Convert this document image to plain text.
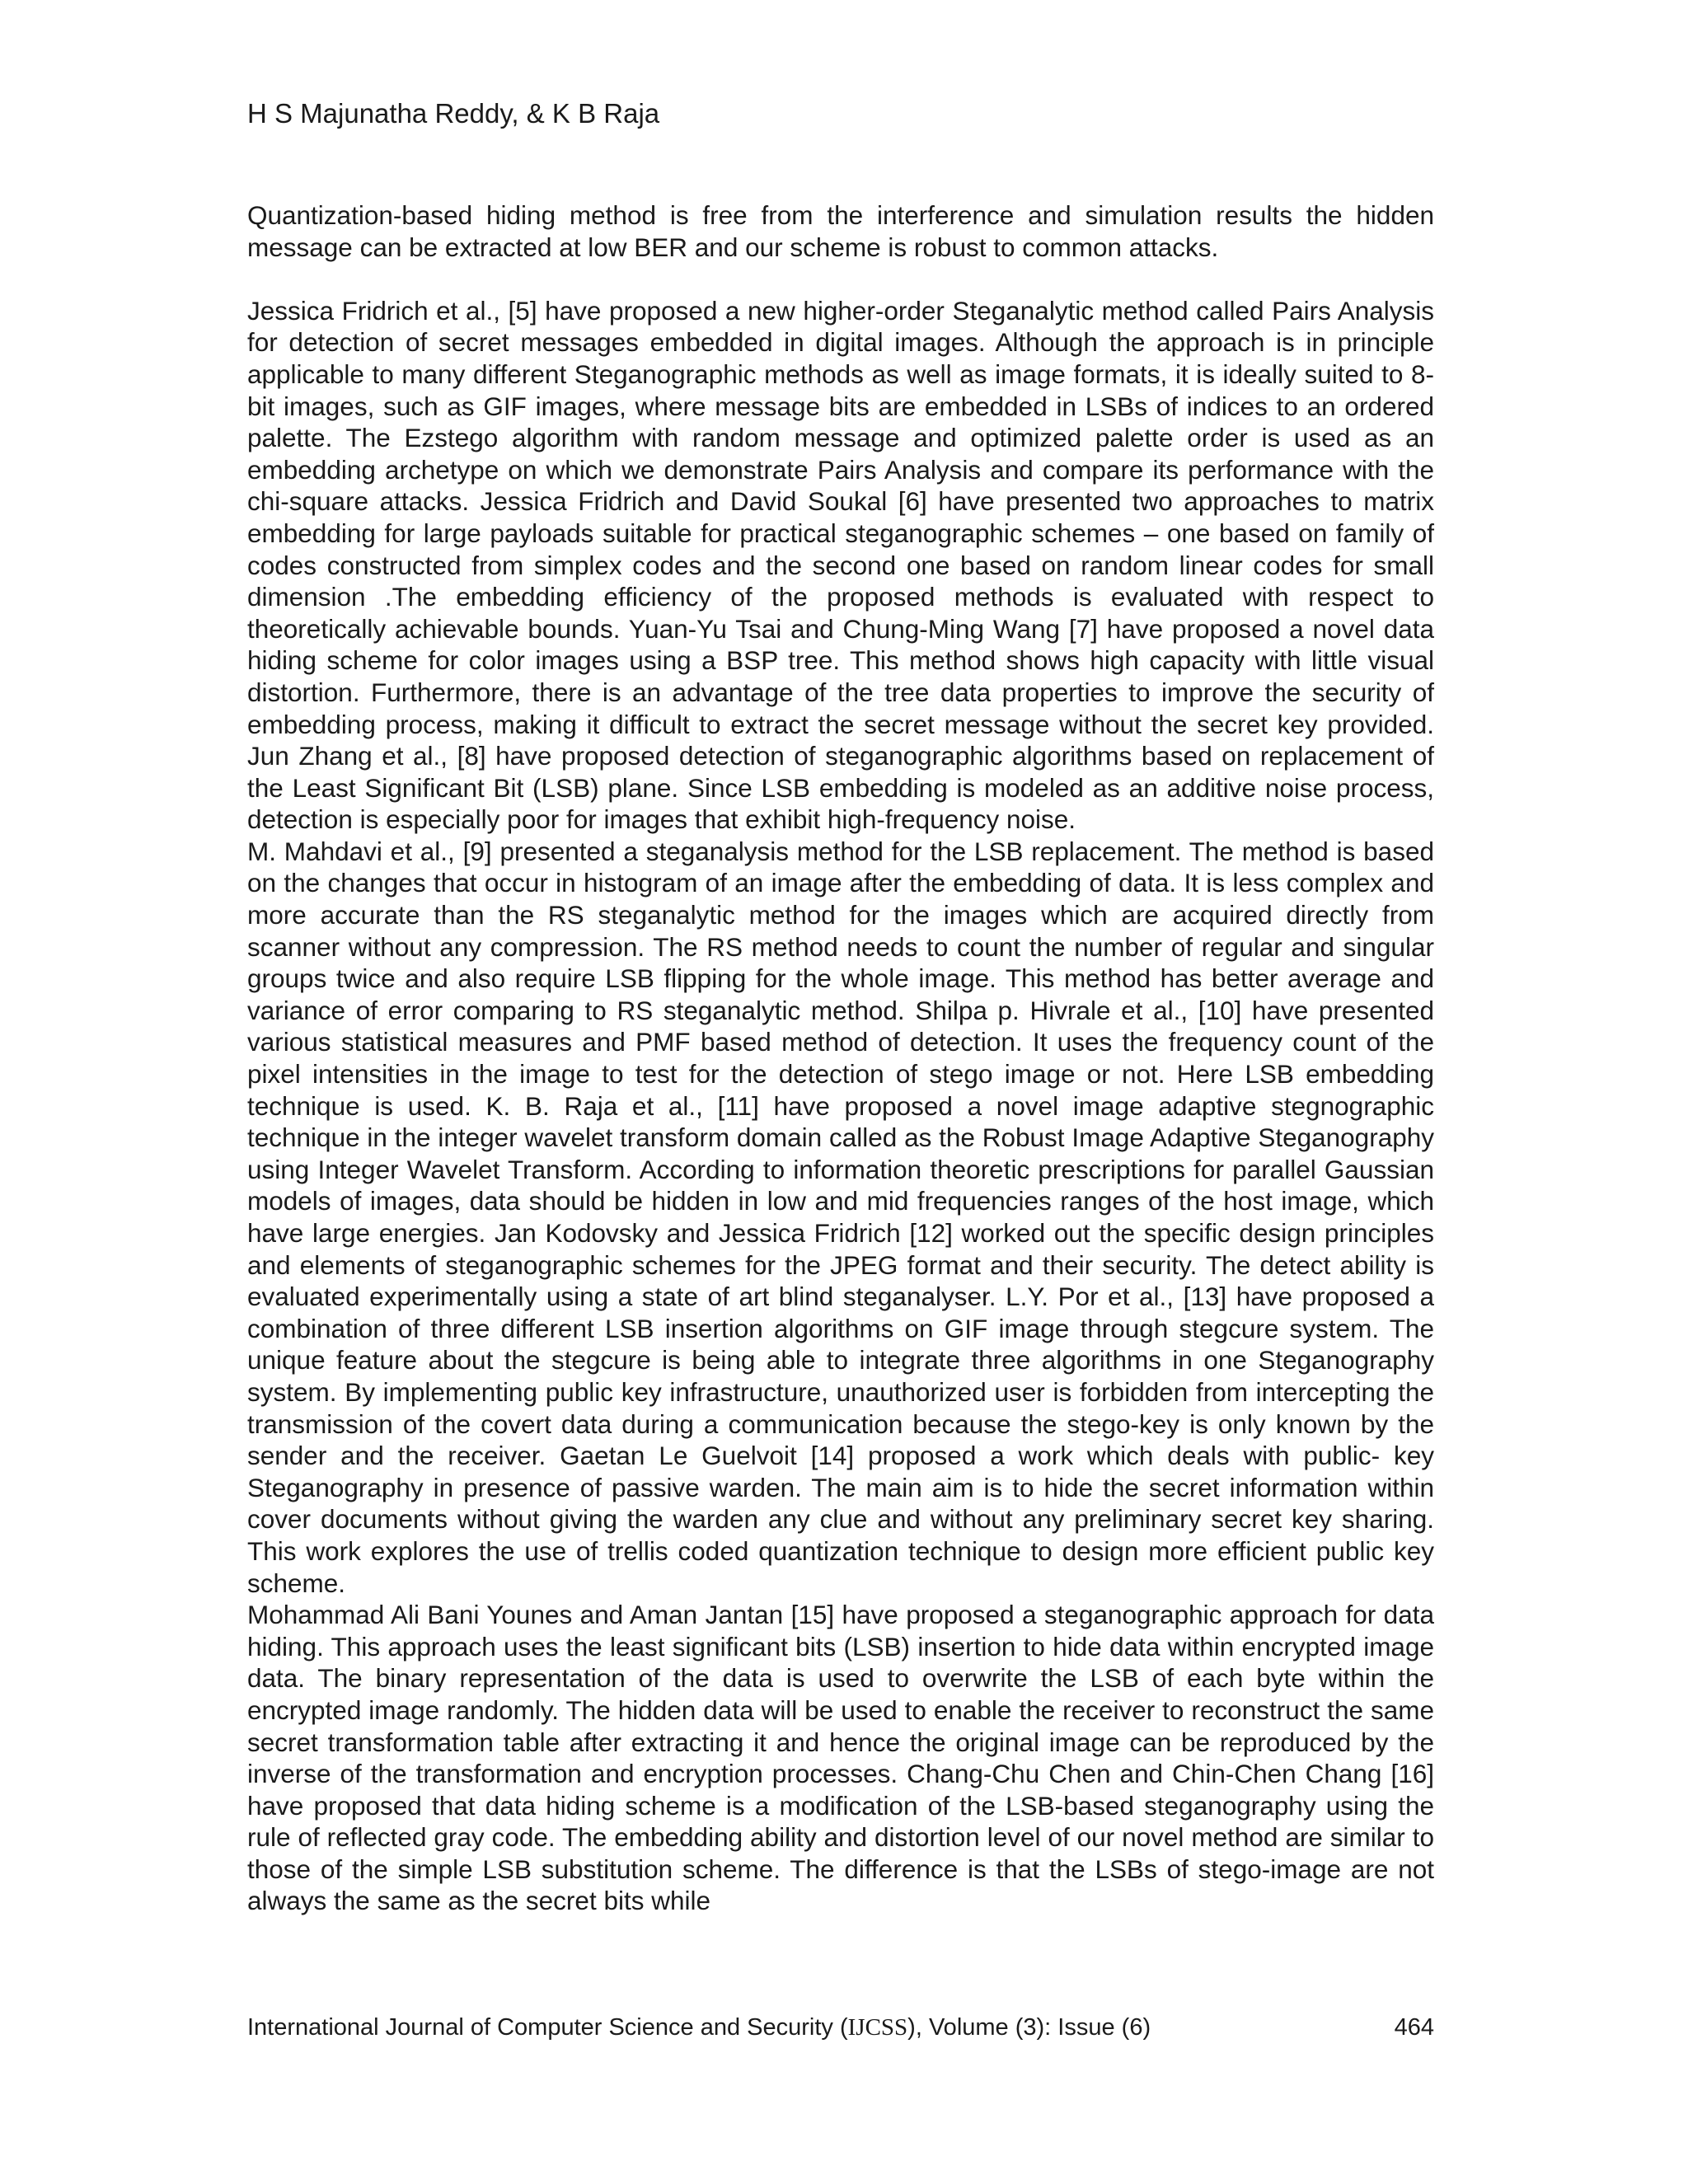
H S Majunatha Reddy, & K B Raja

Quantization-based hiding method is free from the interference and simulation results the hidden message can be extracted at low BER and our scheme is robust to common attacks.

Jessica Fridrich et al., [5] have proposed a new higher-order Steganalytic method called Pairs Analysis for detection of secret messages embedded in digital images. Although the approach is in principle applicable to many different Steganographic methods as well as image formats, it is ideally suited to 8-bit images, such as GIF images, where message bits are embedded in LSBs of indices to an ordered palette. The Ezstego algorithm with random message and optimized palette order is used as an embedding archetype on which we demonstrate Pairs Analysis and compare its performance with the chi-square attacks. Jessica Fridrich and David Soukal [6] have presented two approaches to matrix embedding for large payloads suitable for practical steganographic schemes – one based on family of codes constructed from simplex codes and the second one based on random linear codes for small dimension .The embedding efficiency of the proposed methods is evaluated with respect to theoretically achievable bounds. Yuan-Yu Tsai and Chung-Ming Wang [7] have proposed a novel data hiding scheme for color images using a BSP tree. This method shows high capacity with little visual distortion. Furthermore, there is an advantage of the tree data properties to improve the security of embedding process, making it difficult to extract the secret message without the secret key provided. Jun Zhang et al., [8] have proposed detection of steganographic algorithms based on replacement of the Least Significant Bit (LSB) plane. Since LSB embedding is modeled as an additive noise process, detection is especially poor for images that exhibit high-frequency noise.

M. Mahdavi et al., [9] presented a steganalysis method for the LSB replacement. The method is based on the changes that occur in histogram of an image after the embedding of data. It is less complex and more accurate than the RS steganalytic method for the images which are acquired directly from scanner without any compression. The RS method needs to count the number of regular and singular groups twice and also require LSB flipping for the whole image. This method has better average and variance of error comparing to RS steganalytic method. Shilpa p. Hivrale et al., [10] have presented various statistical measures and PMF based method of detection. It uses the frequency count of the pixel intensities in the image to test for the detection of stego image or not. Here LSB embedding technique is used. K. B. Raja et al., [11] have proposed a novel image adaptive stegnographic technique in the integer wavelet transform domain called as the Robust Image Adaptive Steganography using Integer Wavelet Transform. According to information theoretic prescriptions for parallel Gaussian models of images, data should be hidden in low and mid frequencies ranges of the host image, which have large energies. Jan Kodovsky and Jessica Fridrich [12] worked out the specific design principles and elements of steganographic schemes for the JPEG format and their security. The detect ability is evaluated experimentally using a state of art blind steganalyser. L.Y. Por et al., [13] have proposed a combination of three different LSB insertion algorithms on GIF image through stegcure system. The unique feature about the stegcure is being able to integrate three algorithms in one Steganography system. By implementing public key infrastructure, unauthorized user is forbidden from intercepting the transmission of the covert data during a communication because the stego-key is only known by the sender and the receiver. Gaetan Le Guelvoit [14] proposed a work which deals with public- key Steganography in presence of passive warden. The main aim is to hide the secret information within cover documents without giving the warden any clue and without any preliminary secret key sharing. This work explores the use of trellis coded quantization technique to design more efficient public key scheme.

Mohammad Ali Bani Younes and Aman Jantan [15] have proposed a steganographic approach for data hiding. This approach uses the least significant bits (LSB) insertion to hide data within encrypted image data. The binary representation of the data is used to overwrite the LSB of each byte within the encrypted image randomly. The hidden data will be used to enable the receiver to reconstruct the same secret transformation table after extracting it and hence the original image can be reproduced by the inverse of the transformation and encryption processes. Chang-Chu Chen and Chin-Chen Chang [16] have proposed that data hiding scheme is a modification of the LSB-based steganography using the rule of reflected gray code. The embedding ability and distortion level of our novel method are similar to those of the simple LSB substitution scheme. The difference is that the LSBs of stego-image are not always the same as the secret bits while

International Journal of Computer Science and Security (IJCSS), Volume (3): Issue (6)	464
